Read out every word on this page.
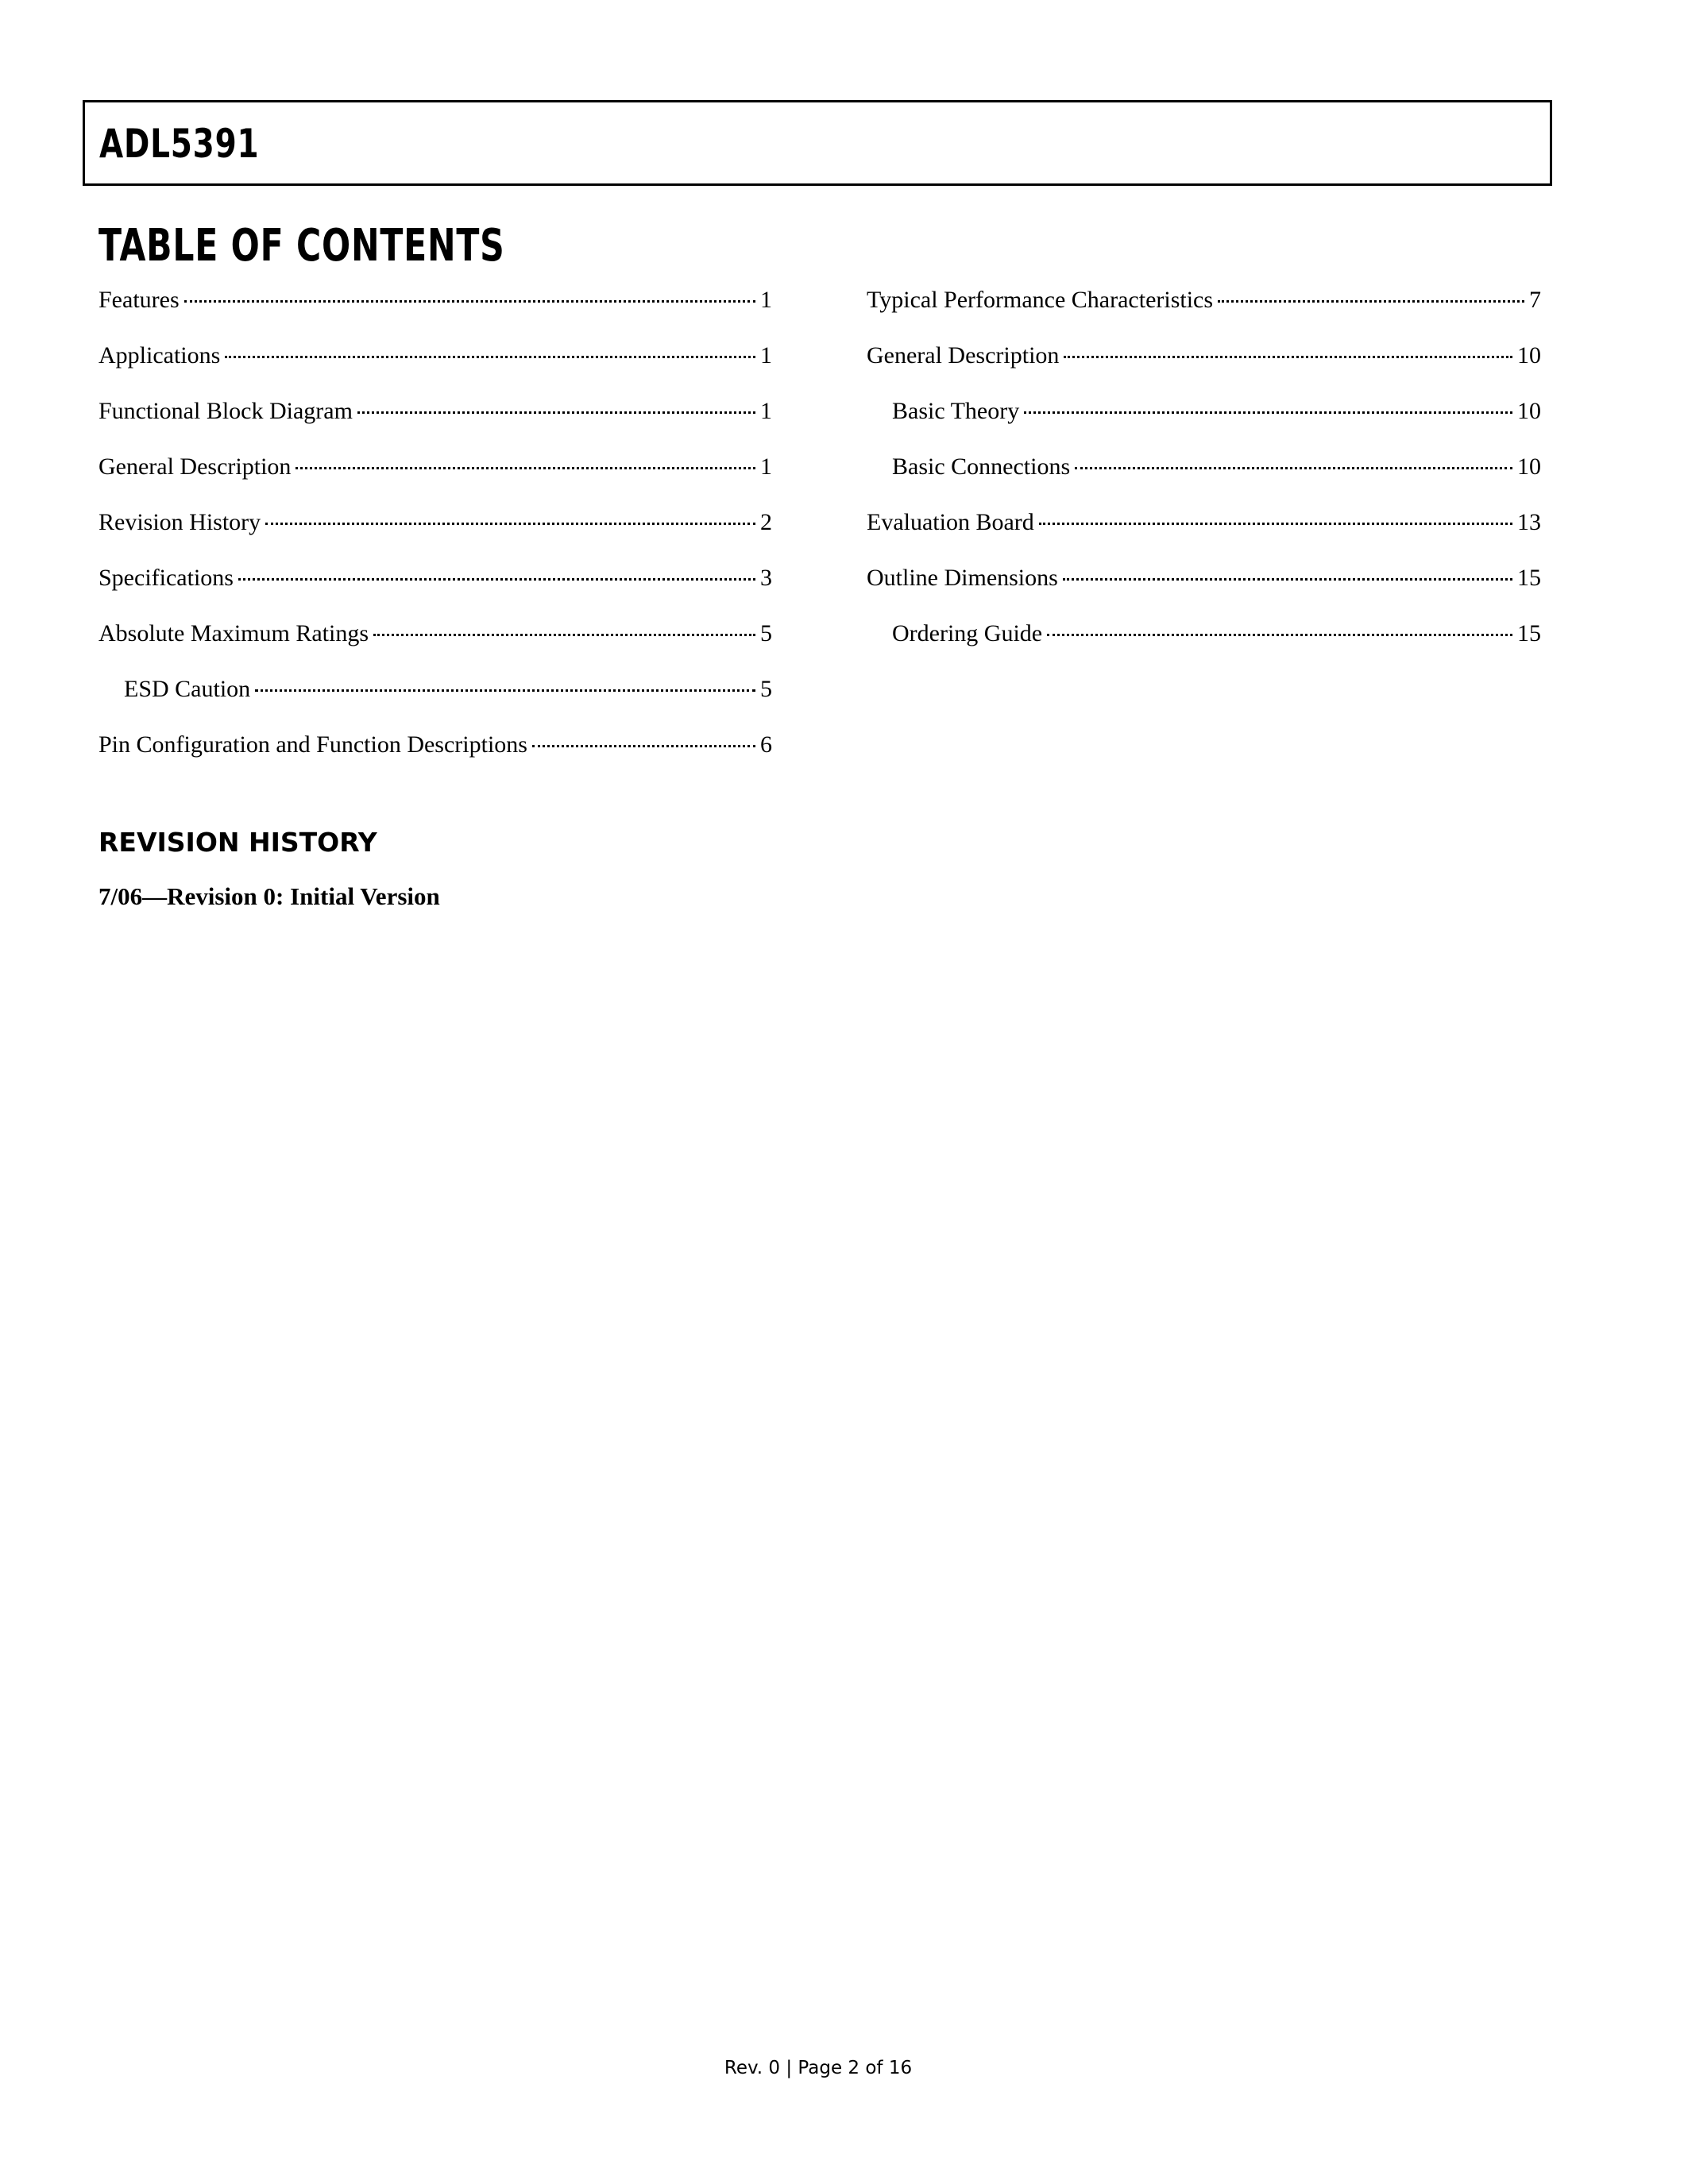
ADL5391
TABLE OF CONTENTS
Features	1
Applications	1
Functional Block Diagram	1
General Description	1
Revision History	2
Specifications	3
Absolute Maximum Ratings	5
ESD Caution	5
Pin Configuration and Function Descriptions	6
Typical Performance Characteristics	7
General Description	10
Basic Theory	10
Basic Connections	10
Evaluation Board	13
Outline Dimensions	15
Ordering Guide	15
REVISION HISTORY
7/06—Revision 0: Initial Version
Rev. 0 | Page 2 of 16
